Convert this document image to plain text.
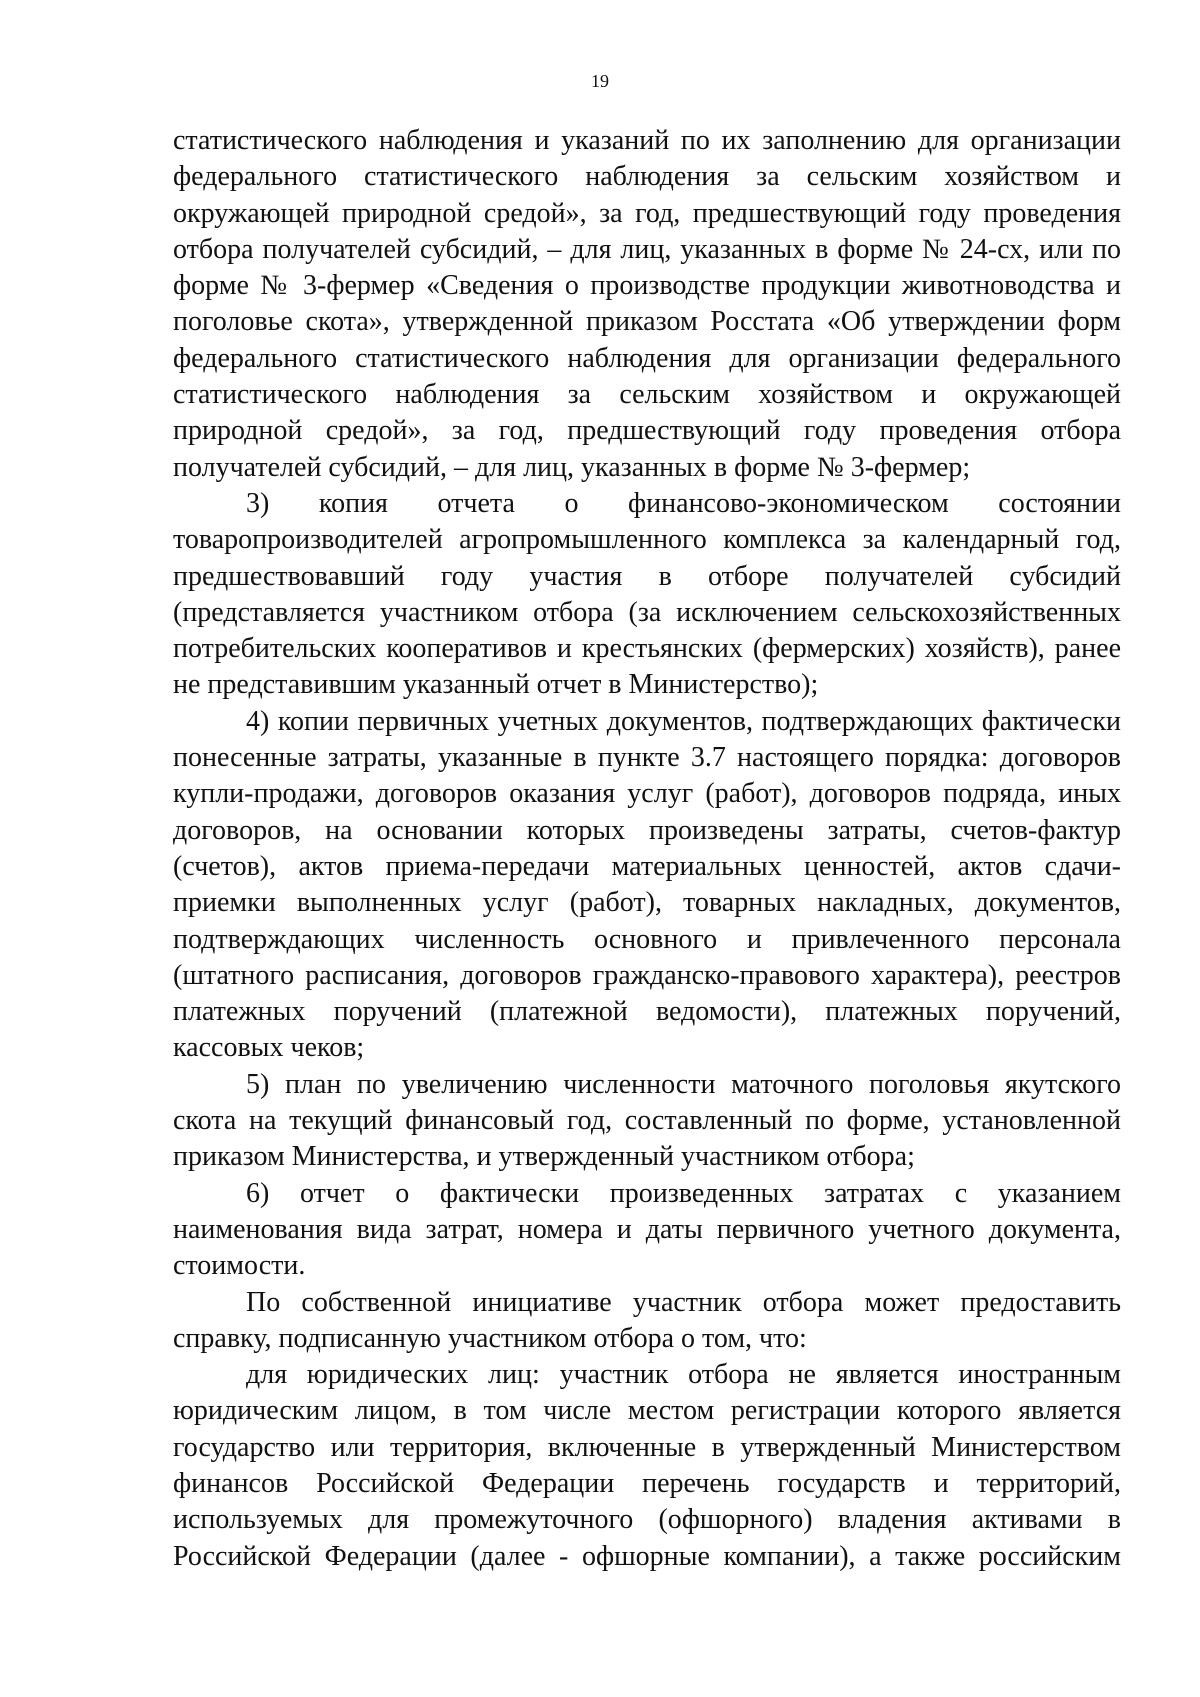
19

статистического наблюдения и указаний по их заполнению для организации федерального статистического наблюдения за сельским хозяйством и окружающей природной средой», за год, предшествующий году проведения отбора получателей субсидий, – для лиц, указанных в форме № 24-сх, или по форме № 3-фермер «Сведения о производстве продукции животноводства и поголовье скота», утвержденной приказом Росстата «Об утверждении форм федерального статистического наблюдения для организации федерального статистического наблюдения за сельским хозяйством и окружающей природной средой», за год, предшествующий году проведения отбора получателей субсидий, – для лиц, указанных в форме № 3-фермер;

3) копия отчета о финансово-экономическом состоянии товаропроизводителей агропромышленного комплекса за календарный год, предшествовавший году участия в отборе получателей субсидий (представляется участником отбора (за исключением сельскохозяйственных потребительских кооперативов и крестьянских (фермерских) хозяйств), ранее не представившим указанный отчет в Министерство);

4) копии первичных учетных документов, подтверждающих фактически понесенные затраты, указанные в пункте 3.7 настоящего порядка: договоров купли-продажи, договоров оказания услуг (работ), договоров подряда, иных договоров, на основании которых произведены затраты, счетов-фактур (счетов), актов приема-передачи материальных ценностей, актов сдачи-приемки выполненных услуг (работ), товарных накладных, документов, подтверждающих численность основного и привлеченного персонала (штатного расписания, договоров гражданско-правового характера), реестров платежных поручений (платежной ведомости), платежных поручений, кассовых чеков;

5) план по увеличению численности маточного поголовья якутского скота на текущий финансовый год, составленный по форме, установленной приказом Министерства, и утвержденный участником отбора;

6) отчет о фактически произведенных затратах с указанием наименования вида затрат, номера и даты первичного учетного документа, стоимости.

По собственной инициативе участник отбора может предоставить справку, подписанную участником отбора о том, что:

для юридических лиц: участник отбора не является иностранным юридическим лицом, в том числе местом регистрации которого является государство или территория, включенные в утвержденный Министерством финансов Российской Федерации перечень государств и территорий, используемых для промежуточного (офшорного) владения активами в Российской Федерации (далее - офшорные компании), а также российским
